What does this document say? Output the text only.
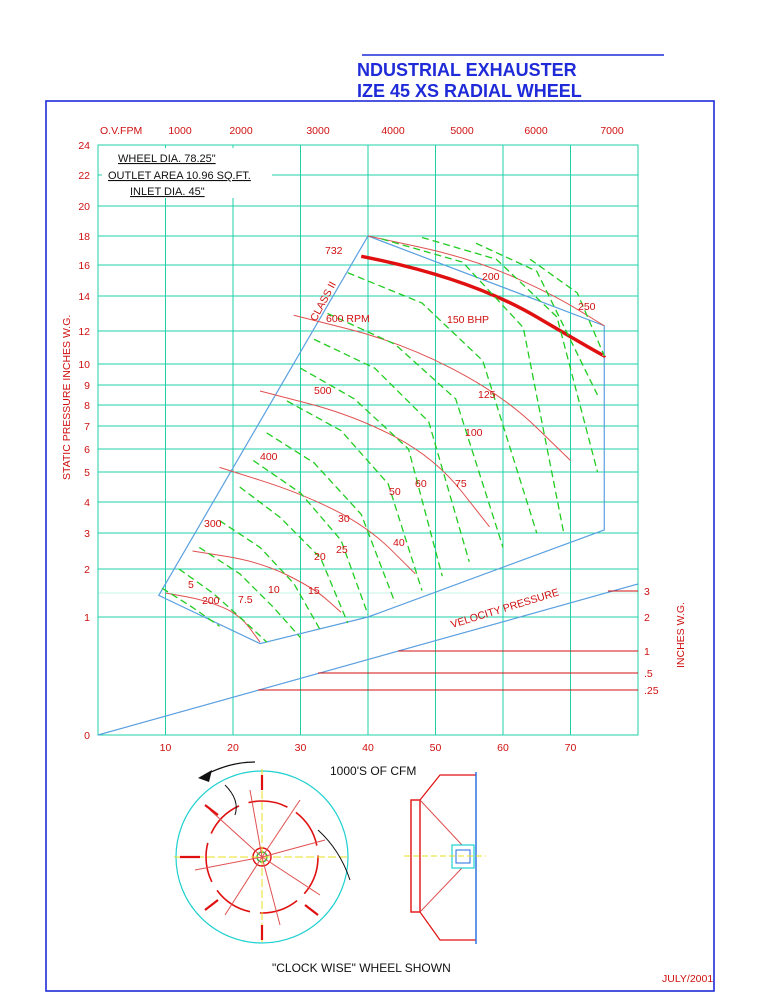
NDUSTRIAL EXHAUSTER
IZE 45 XS RADIAL WHEEL
3
2
1
.5
.25
0
1
2
3
4
5
6
7
8
9
10
12
14
16
18
20
22
24
10	20	30	40	50	60	70
1000	2000	3000	4000	5000	6000	7000
200
300
400
500
600 RPM
732
5
7.5
10	15
20
25
30
40
50
60	75
100
125
150 BHP
200
250
WHEEL DIA. 78.25"
OUTLET AREA 10.96 SQ.FT.
INLET DIA. 45"
O.V.FPM
STATIC PRESSURE INCHES W.G.
INCHES W.G.
1000'S OF CFM
VELOCITY PRESSURE
CLASS II
"CLOCK WISE" WHEEL SHOWN
JULY/2001
